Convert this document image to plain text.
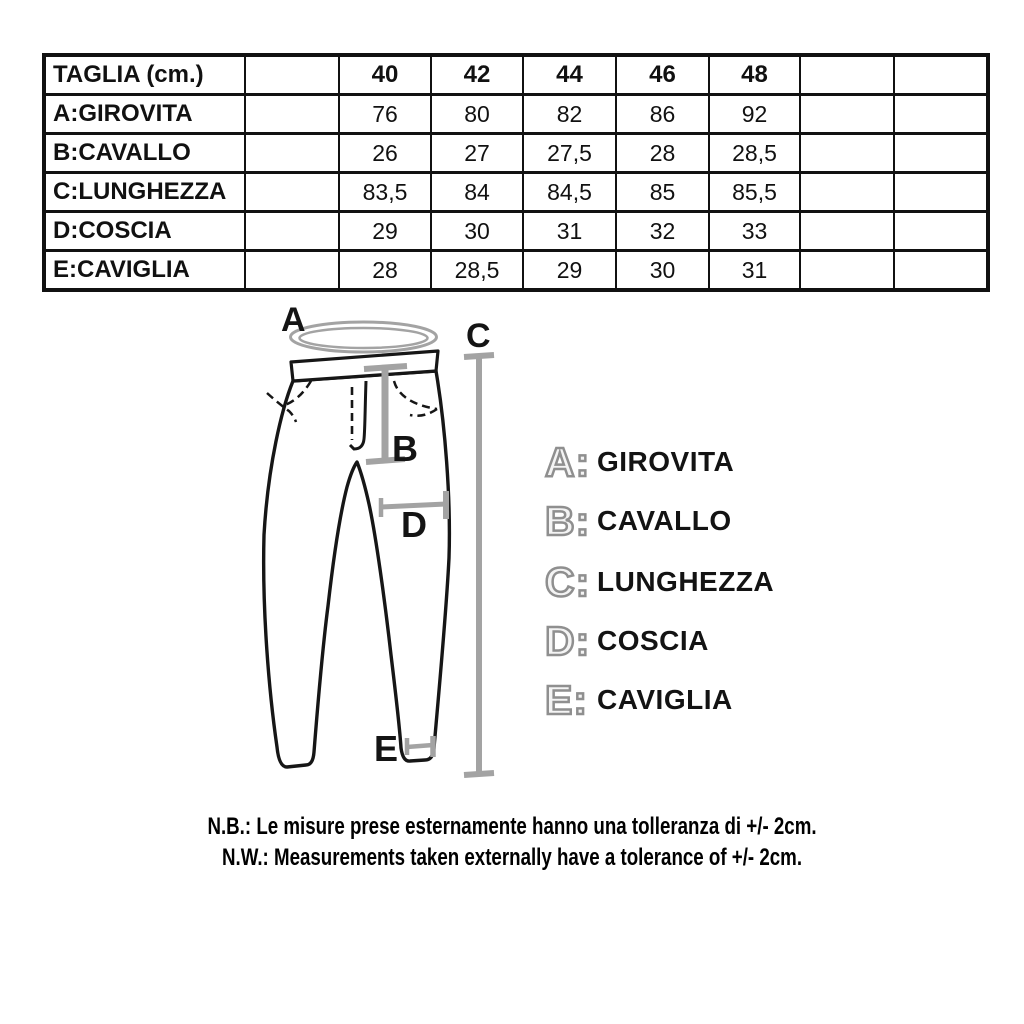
TAGLIA (cm.)		40	42	44	46	48		
A:GIROVITA		76	80	82	86	92		
B:CAVALLO		26	27	27,5	28	28,5		
C:LUNGHEZZA		83,5	84	84,5	85	85,5		
D:COSCIA		29	30	31	32	33		
E:CAVIGLIA		28	28,5	29	30	31		
A
B
C
D
E
A: GIROVITA
B: CAVALLO
C: LUNGHEZZA
D: COSCIA
E: CAVIGLIA
N.B.: Le misure prese esternamente hanno una tolleranza di +/- 2cm.
N.W.: Measurements taken externally have a tolerance of +/- 2cm.
